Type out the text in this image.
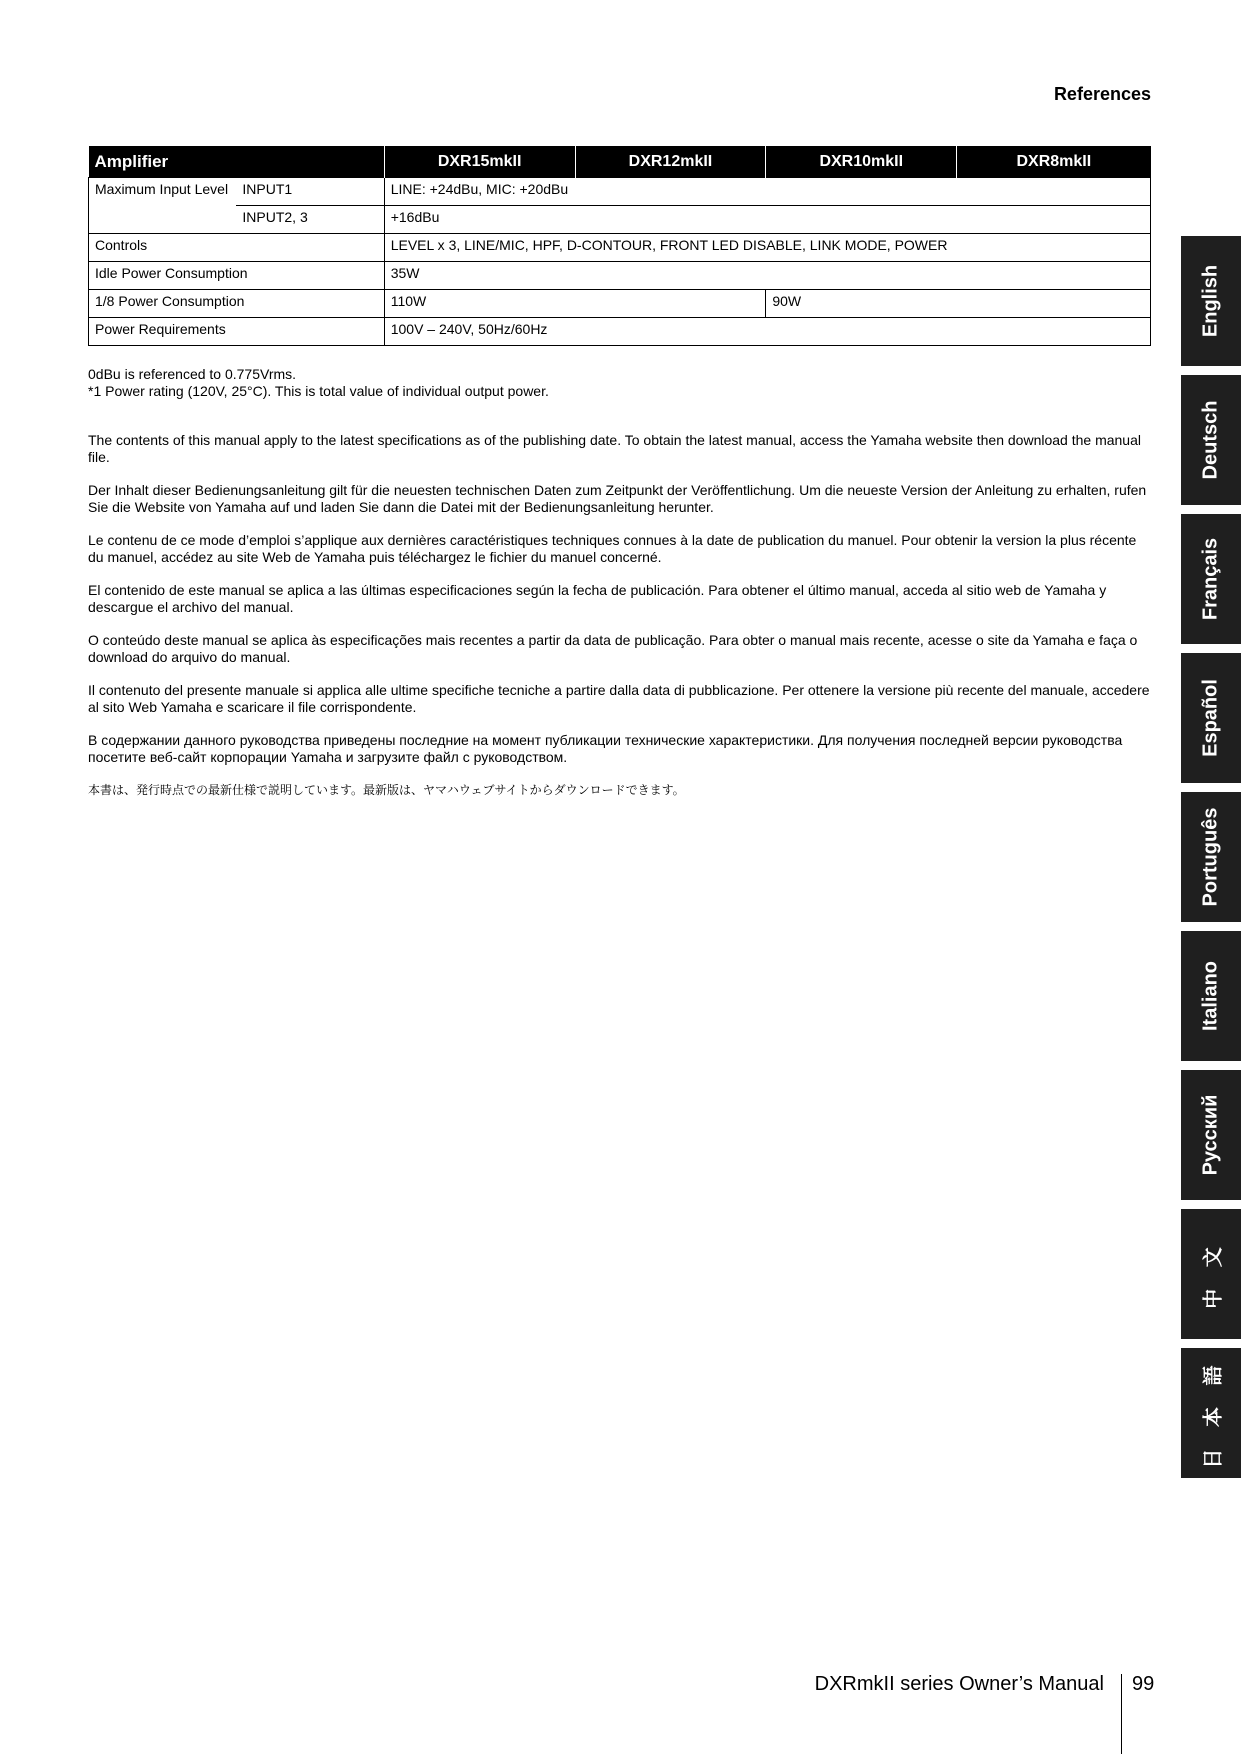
References
Amplifier		DXR15mkII	DXR12mkII	DXR10mkII	DXR8mkII
Maximum Input Level	INPUT1	LINE: +24dBu, MIC: +20dBu			
	INPUT2, 3	+16dBu			
Controls		LEVEL x 3, LINE/MIC, HPF, D-CONTOUR, FRONT LED DISABLE, LINK MODE, POWER			
Idle Power Consumption		35W			
1/8 Power Consumption		110W		90W	
Power Requirements		100V – 240V, 50Hz/60Hz			
0dBu is referenced to 0.775Vrms.
*1 Power rating (120V, 25°C). This is total value of individual output power.

The contents of this manual apply to the latest specifications as of the publishing date. To obtain the latest manual, access the Yamaha website then download the manual file.

Der Inhalt dieser Bedienungsanleitung gilt für die neuesten technischen Daten zum Zeitpunkt der Veröffentlichung. Um die neueste Version der Anleitung zu erhalten, rufen Sie die Website von Yamaha auf und laden Sie dann die Datei mit der Bedienungsanleitung herunter.

Le contenu de ce mode d’emploi s’applique aux dernières caractéristiques techniques connues à la date de publication du manuel. Pour obtenir la version la plus récente du manuel, accédez au site Web de Yamaha puis téléchargez le fichier du manuel concerné.

El contenido de este manual se aplica a las últimas especificaciones según la fecha de publicación. Para obtener el último manual, acceda al sitio web de Yamaha y descargue el archivo del manual.

O conteúdo deste manual se aplica às especificações mais recentes a partir da data de publicação. Para obter o manual mais recente, acesse o site da Yamaha e faça o download do arquivo do manual.

Il contenuto del presente manuale si applica alle ultime specifiche tecniche a partire dalla data di pubblicazione. Per ottenere la versione più recente del manuale, accedere al sito Web Yamaha e scaricare il file corrispondente.

В содержании данного руководства приведены последние на момент публикации технические характеристики. Для получения последней версии руководства посетите веб-сайт корпорации Yamaha и загрузите файл с руководством.

本書は、発行時点での最新仕様で説明しています。最新版は、ヤマハウェブサイトからダウンロードできます。

English
Deutsch
Français
Español
Português
Italiano
Русский
中 文
日 本 語
DXRmkII series Owner’s Manual 99
